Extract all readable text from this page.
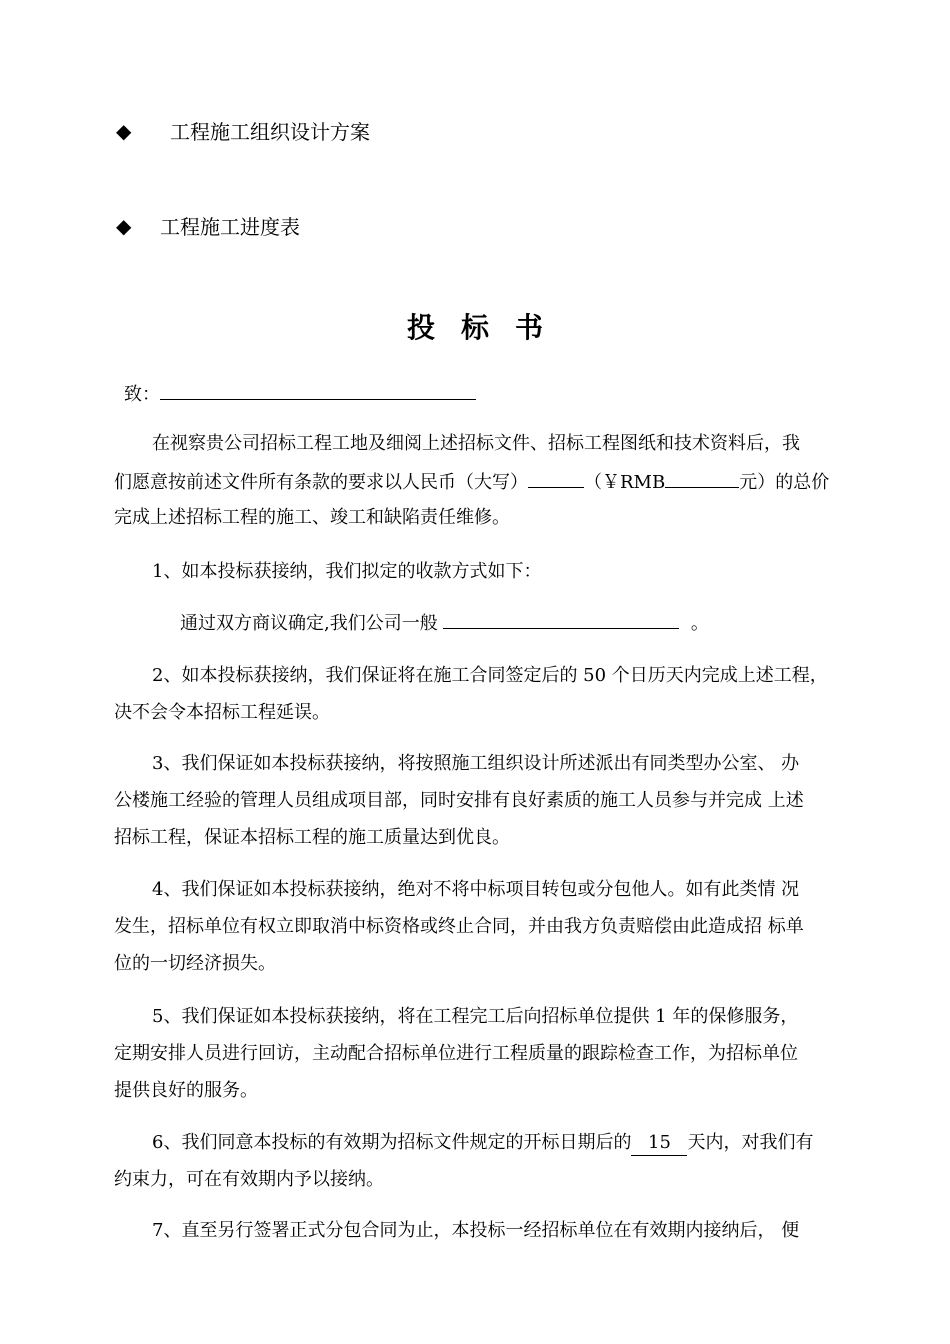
◆ 工程施工组织设计方案
◆ 工程施工进度表
投标书
致：
在视察贵公司招标工程工地及细阅上述招标文件、招标工程图纸和技术资料后，我
们愿意按前述文件所有条款的要求以人民币（大写）	（￥RMB	元）的总价
完成上述招标工程的施工、竣工和缺陷责任维修。
1、如本投标获接纳，我们拟定的收款方式如下：
通过双方商议确定,我们公司一般	。
2、如本投标获接纳，我们保证将在施工合同签定后的 50 个日历天内完成上述工程，
决不会令本招标工程延误。
3、我们保证如本投标获接纳，将按照施工组织设计所述派出有同类型办公室、 办
公楼施工经验的管理人员组成项目部，同时安排有良好素质的施工人员参与并完成 上述
招标工程，保证本招标工程的施工质量达到优良。
4、我们保证如本投标获接纳，绝对不将中标项目转包或分包他人。如有此类情 况
发生，招标单位有权立即取消中标资格或终止合同，并由我方负责赔偿由此造成招 标单
位的一切经济损失。
5、我们保证如本投标获接纳，将在工程完工后向招标单位提供 1 年的保修服务，
定期安排人员进行回访，主动配合招标单位进行工程质量的跟踪检查工作，为招标单位
提供良好的服务。
6、我们同意本投标的有效期为招标文件规定的开标日期后的 15 天内，对我们有
约束力，可在有效期内予以接纳。
7、直至另行签署正式分包合同为止，本投标一经招标单位在有效期内接纳后， 便
